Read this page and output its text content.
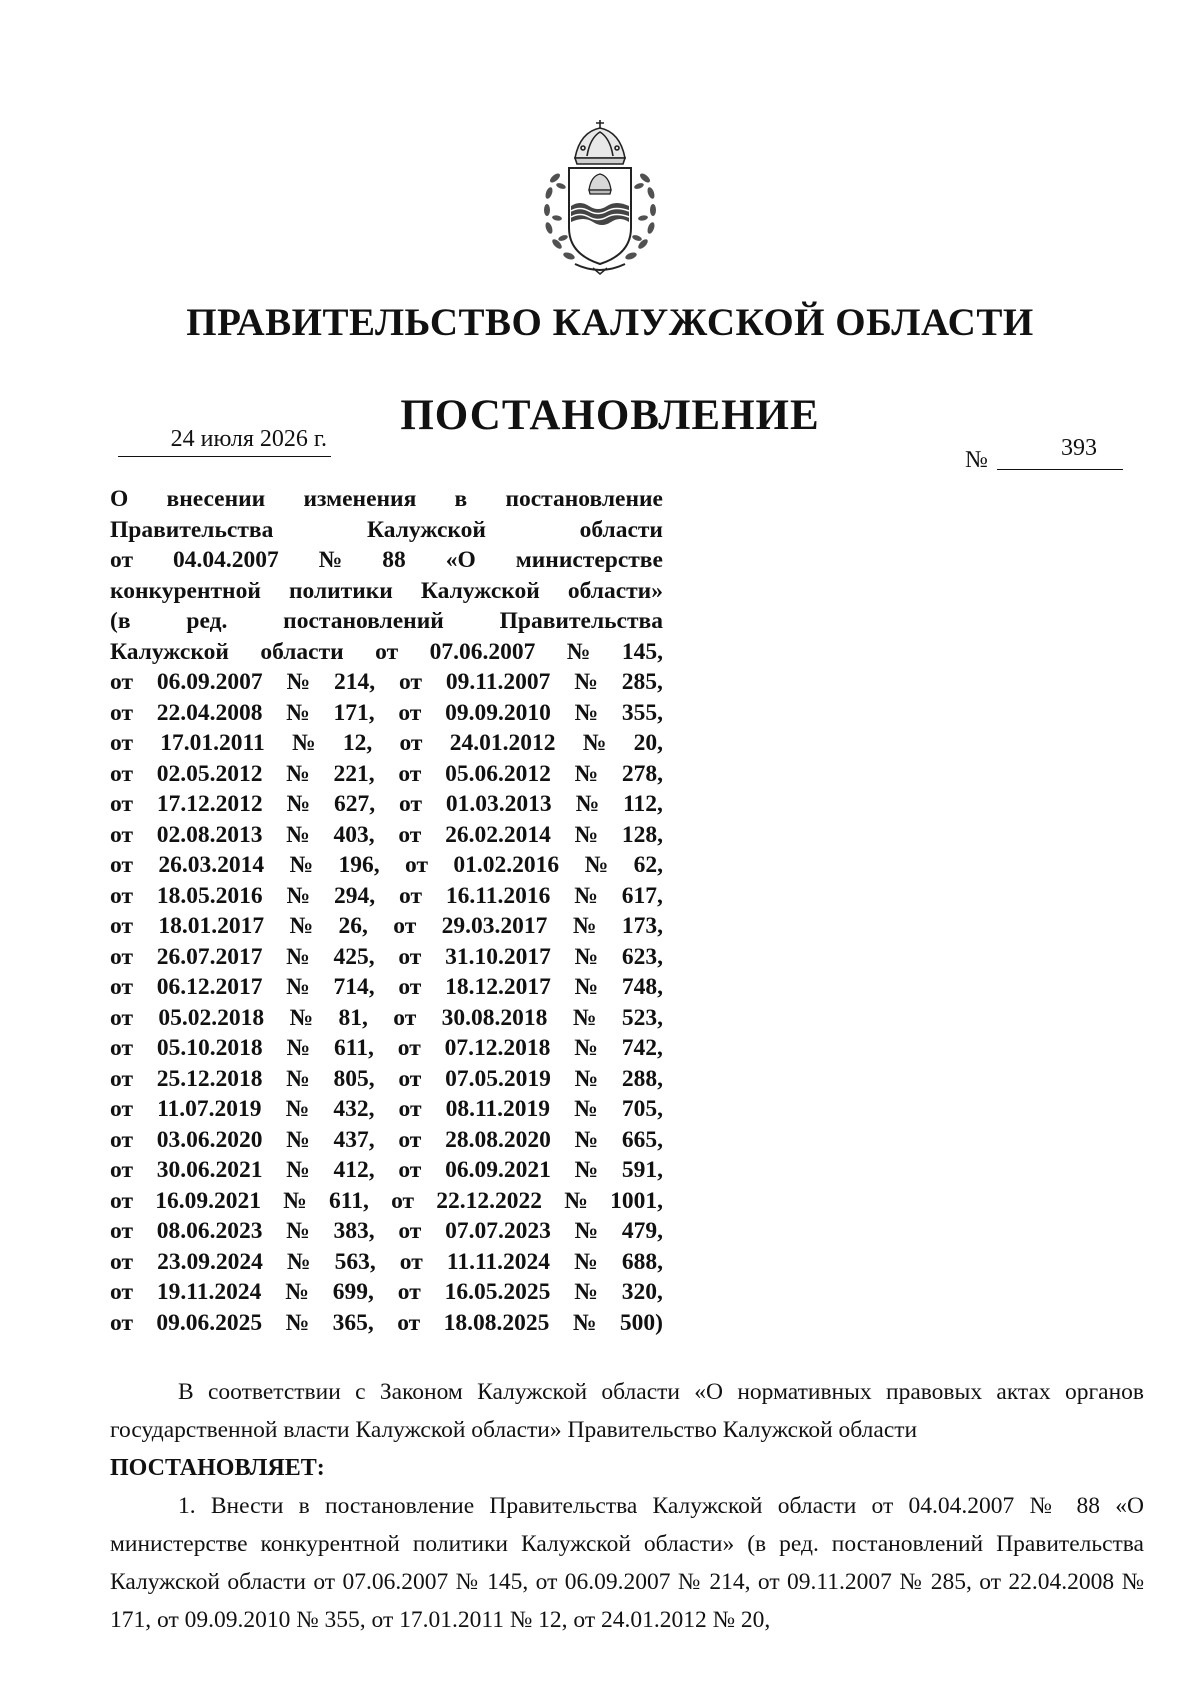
ПРАВИТЕЛЬСТВО КАЛУЖСКОЙ ОБЛАСТИ
ПОСТАНОВЛЕНИЕ
24 июля 2026 г.
№	393
О внесении изменения в постановление
Правительства	Калужской	области
от 04.04.2007 № 88 «О министерстве
конкурентной политики Калужской области»
(в ред. постановлений Правительства
Калужской области от 07.06.2007 № 145,
от 06.09.2007 № 214, от 09.11.2007 № 285,
от 22.04.2008 № 171, от 09.09.2010 № 355,
от 17.01.2011 № 12, от 24.01.2012 № 20,
от 02.05.2012 № 221, от 05.06.2012 № 278,
от 17.12.2012 № 627, от 01.03.2013 № 112,
от 02.08.2013 № 403, от 26.02.2014 № 128,
от 26.03.2014 № 196, от 01.02.2016 № 62,
от 18.05.2016 № 294, от 16.11.2016 № 617,
от 18.01.2017 № 26, от 29.03.2017 № 173,
от 26.07.2017 № 425, от 31.10.2017 № 623,
от 06.12.2017 № 714, от 18.12.2017 № 748,
от 05.02.2018 № 81, от 30.08.2018 № 523,
от 05.10.2018 № 611, от 07.12.2018 № 742,
от 25.12.2018 № 805, от 07.05.2019 № 288,
от 11.07.2019 № 432, от 08.11.2019 № 705,
от 03.06.2020 № 437, от 28.08.2020 № 665,
от 30.06.2021 № 412, от 06.09.2021 № 591,
от 16.09.2021 № 611, от 22.12.2022 № 1001,
от 08.06.2023 № 383, от 07.07.2023 № 479,
от 23.09.2024 № 563, от 11.11.2024 № 688,
от 19.11.2024 № 699, от 16.05.2025 № 320,
от 09.06.2025 № 365, от 18.08.2025 № 500)

В соответствии с Законом Калужской области «О нормативных правовых актах органов государственной власти Калужской области» Правительство Калужской области

ПОСТАНОВЛЯЕТ:

1. Внести в постановление Правительства Калужской области от 04.04.2007 № 88 «О министерстве конкурентной политики Калужской области» (в ред. постановлений Правительства Калужской области от 07.06.2007 № 145, от 06.09.2007 № 214, от 09.11.2007 № 285, от 22.04.2008 № 171, от 09.09.2010 № 355, от 17.01.2011 № 12, от 24.01.2012 № 20,
